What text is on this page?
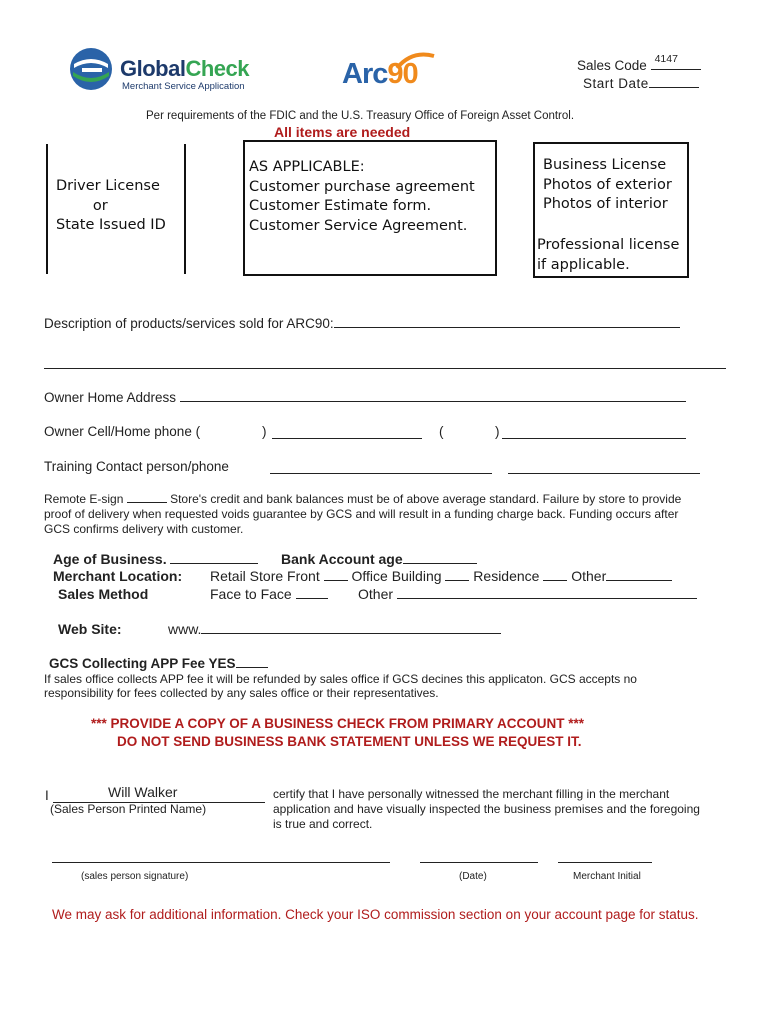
GlobalCheck
Merchant Service Application	Arc90	Sales Code 4147
Start Date
Per requirements of the FDIC and the U.S. Treasury Office of Foreign Asset Control.
All items are needed
Driver License
or
State Issued ID
AS APPLICABLE:
Customer purchase agreement
Customer Estimate form.
Customer Service Agreement.
Business License
Photos of exterior
Photos of interior
Professional license
if applicable.
Description of products/services sold for ARC90:
Owner Home Address
Owner Cell/Home phone (	)	(	)
Training Contact person/phone
Remote E-sign	Store's credit and bank balances must be of above average standard. Failure by store to provide
proof of delivery when requested voids guarantee by GCS and will result in a funding charge back. Funding occurs after
GCS confirms delivery with customer.
Age of Business.	Bank Account age
Merchant Location: Retail Store Front Office Building Residence Other
Sales Method	Face to Face	Other
Web Site:	www.
GCS Collecting APP Fee YES
If sales office collects APP fee it will be refunded by sales office if GCS decines this applicaton. GCS accepts no
responsibility for fees collected by any sales office or their representatives.
*** PROVIDE A COPY OF A BUSINESS CHECK FROM PRIMARY ACCOUNT ***
DO NOT SEND BUSINESS BANK STATEMENT UNLESS WE REQUEST IT.
I	Will Walker
(Sales Person Printed Name)
certify that I have personally witnessed the merchant filling in the merchant
application and have visually inspected the business premises and the foregoing
is true and correct.
(sales person signature)	(Date)	Merchant Initial
We may ask for additional information. Check your ISO commission section on your account page for status.
